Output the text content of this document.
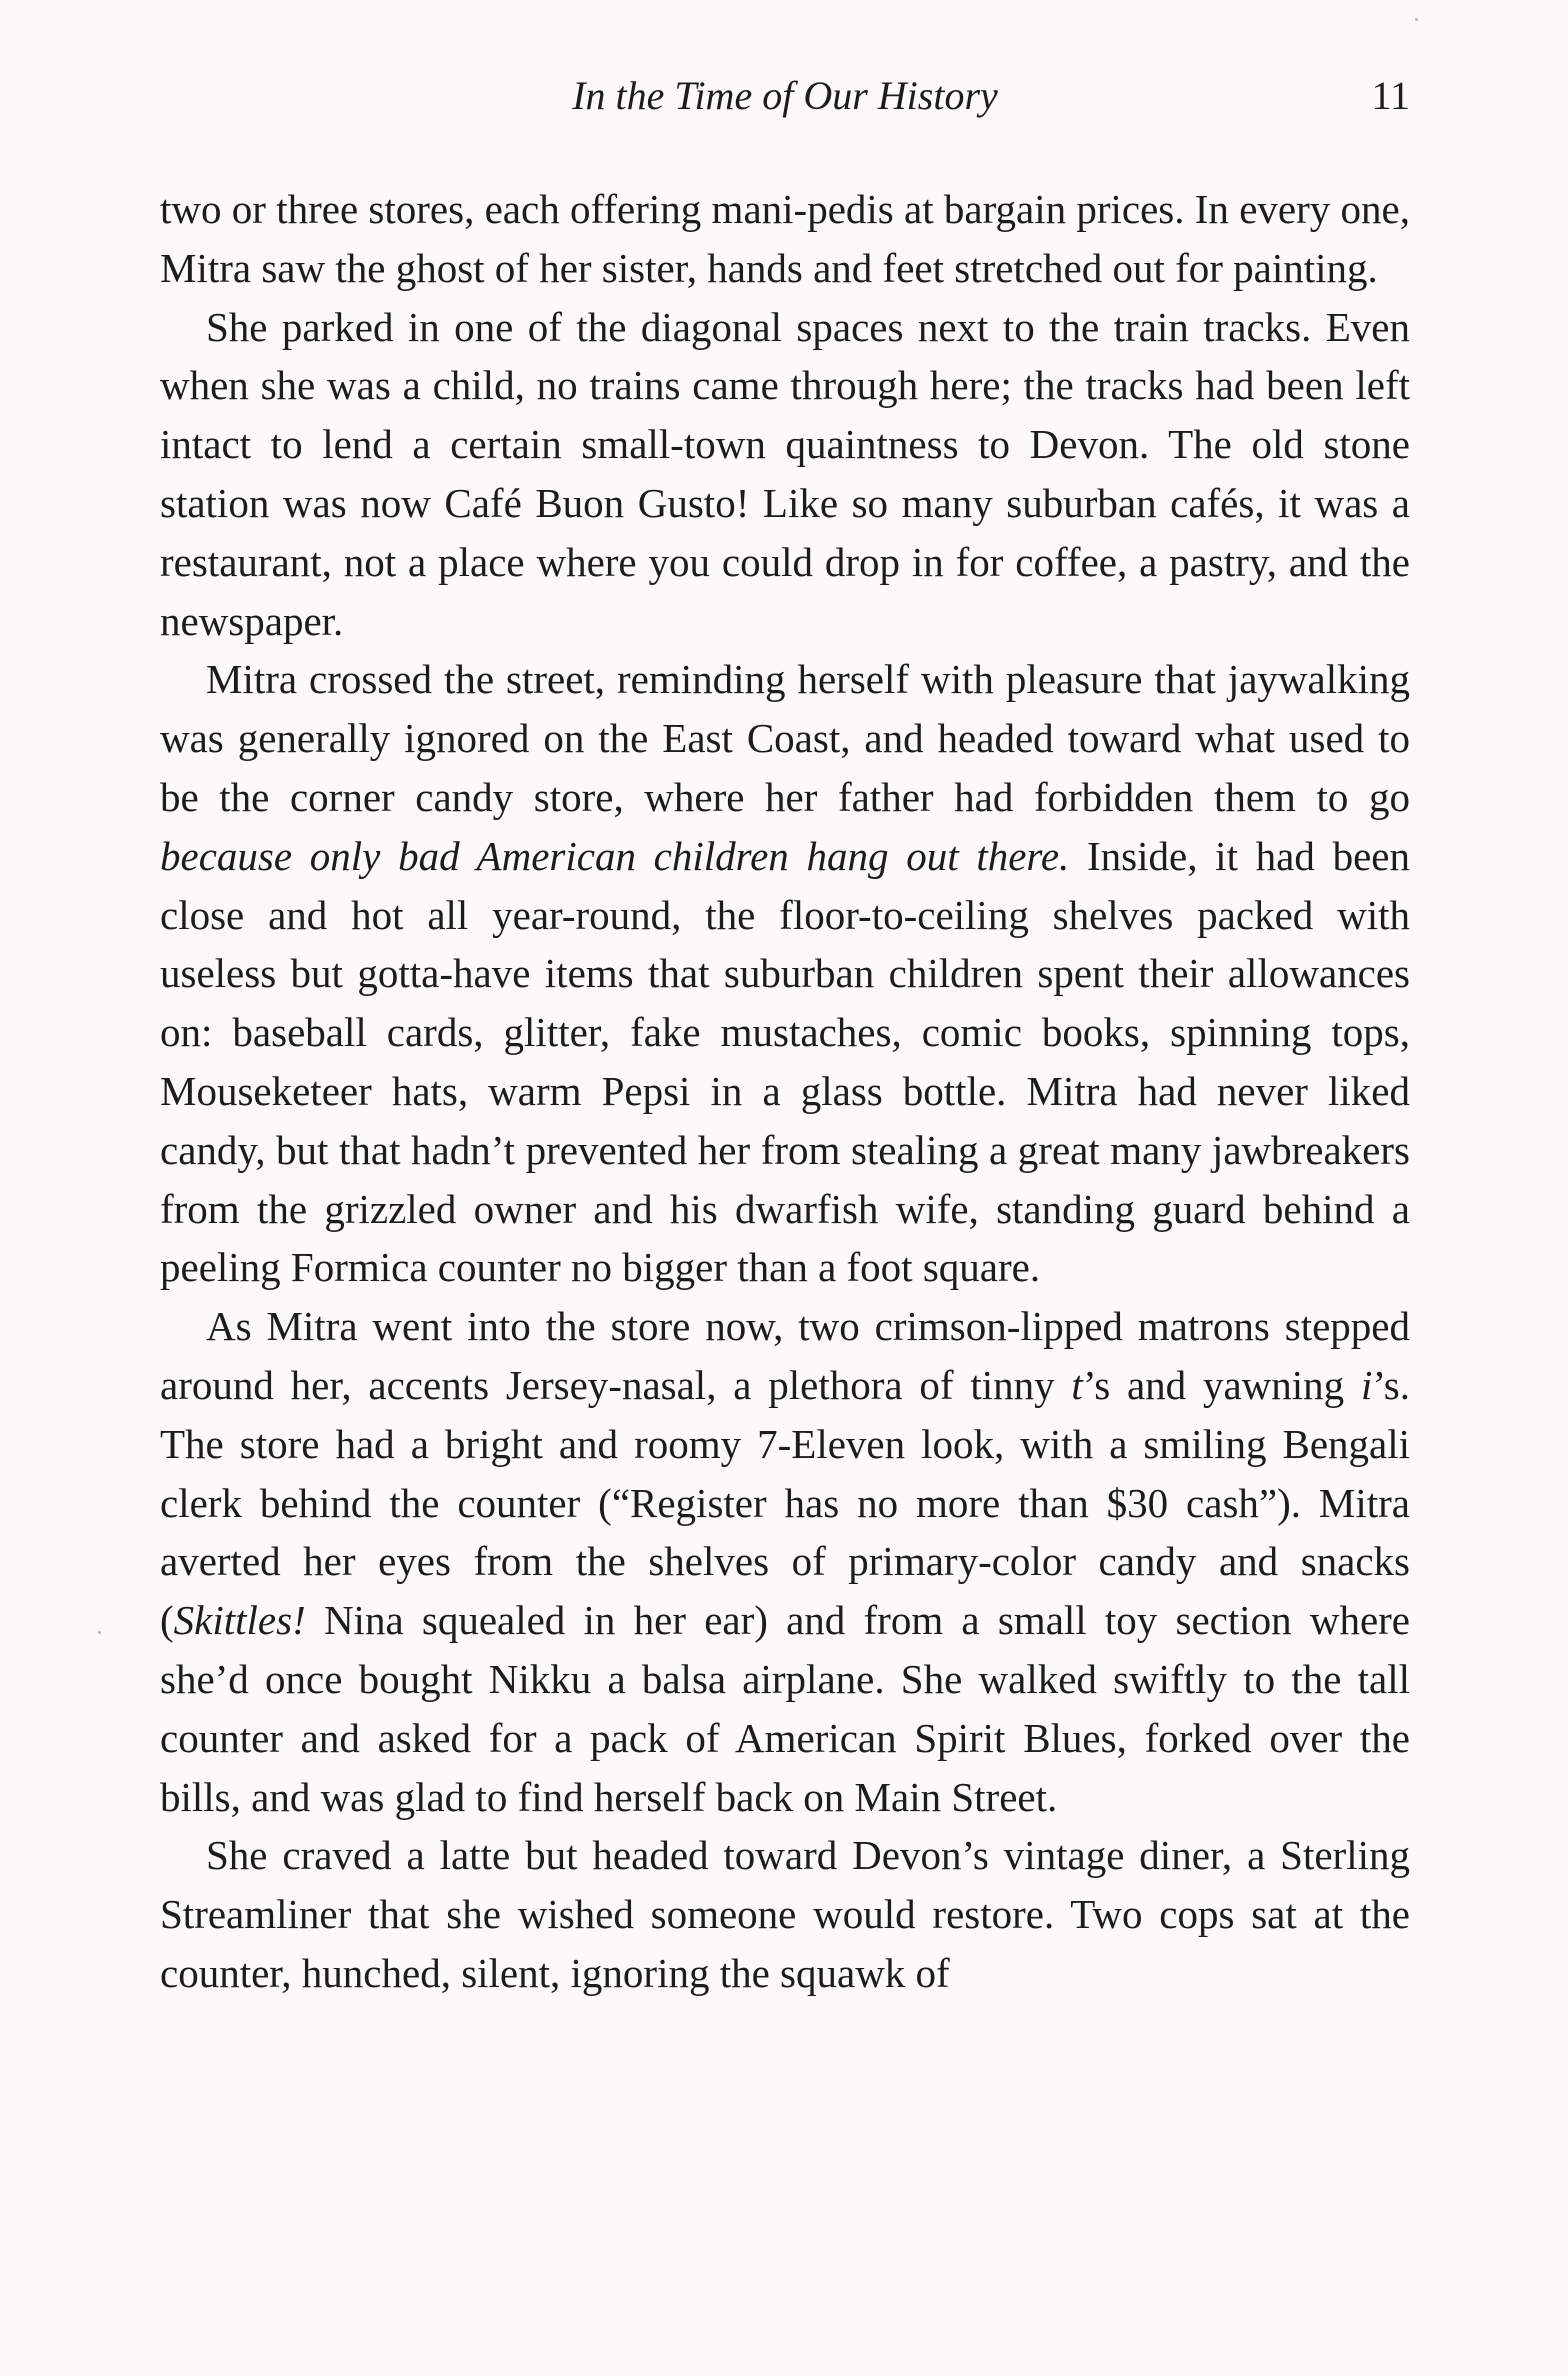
In the Time of Our History	11

two or three stores, each offering mani-pedis at bargain prices. In every one, Mitra saw the ghost of her sister, hands and feet stretched out for painting.

She parked in one of the diagonal spaces next to the train tracks. Even when she was a child, no trains came through here; the tracks had been left intact to lend a certain small-town quaintness to Devon. The old stone station was now Café Buon Gusto! Like so many suburban cafés, it was a restaurant, not a place where you could drop in for coffee, a pastry, and the newspaper.

Mitra crossed the street, reminding herself with pleasure that jaywalking was generally ignored on the East Coast, and headed toward what used to be the corner candy store, where her father had forbidden them to go because only bad American children hang out there. Inside, it had been close and hot all year-round, the floor-to-ceiling shelves packed with useless but gotta-have items that suburban children spent their allowances on: baseball cards, glitter, fake mustaches, comic books, spinning tops, Mouseketeer hats, warm Pepsi in a glass bottle. Mitra had never liked candy, but that hadn’t prevented her from stealing a great many jawbreakers from the grizzled owner and his dwarfish wife, standing guard behind a peeling Formica counter no bigger than a foot square.

As Mitra went into the store now, two crimson-lipped matrons stepped around her, accents Jersey-nasal, a plethora of tinny t’s and yawning i’s. The store had a bright and roomy 7-Eleven look, with a smiling Bengali clerk behind the counter (“Register has no more than $30 cash”). Mitra averted her eyes from the shelves of primary-color candy and snacks (Skittles! Nina squealed in her ear) and from a small toy section where she’d once bought Nikku a balsa airplane. She walked swiftly to the tall counter and asked for a pack of American Spirit Blues, forked over the bills, and was glad to find herself back on Main Street.

She craved a latte but headed toward Devon’s vintage diner, a Sterling Streamliner that she wished someone would restore. Two cops sat at the counter, hunched, silent, ignoring the squawk of
